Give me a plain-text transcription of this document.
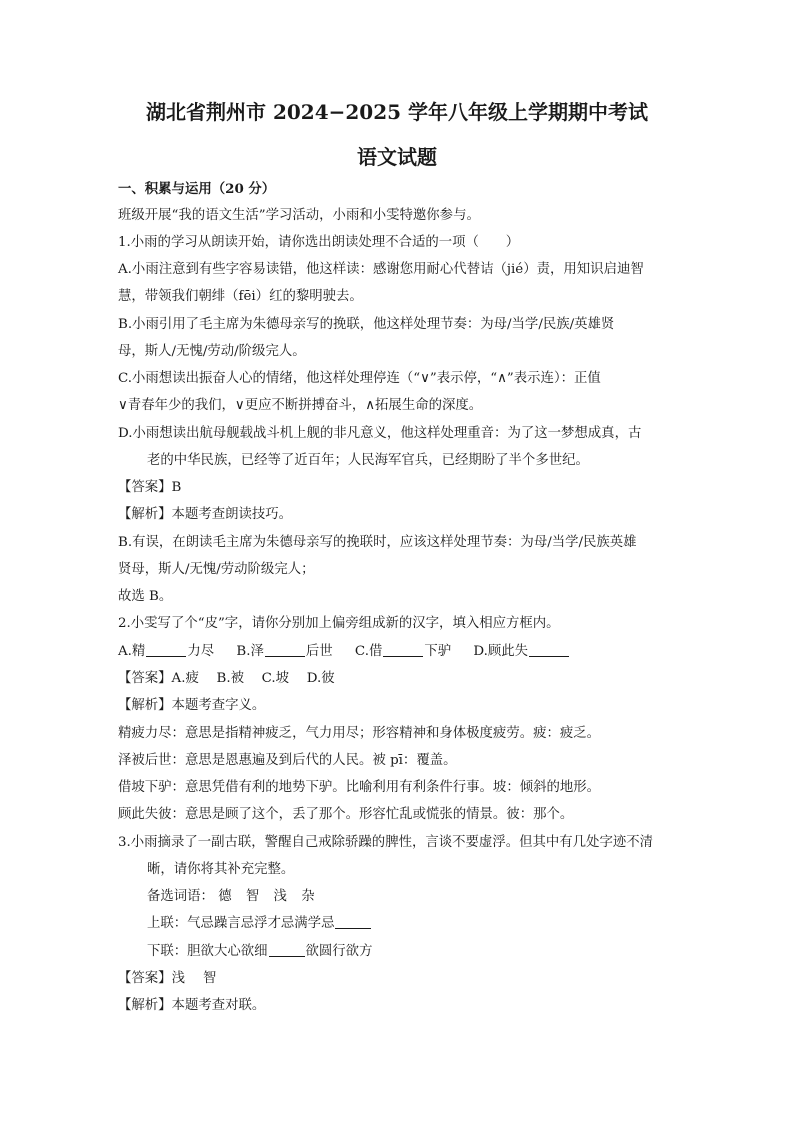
湖北省荆州市 2024−2025 学年八年级上学期期中考试
语文试题
一、积累与运用（20 分）
班级开展“我的语文生活”学习活动，小雨和小雯特邀你参与。
1.小雨的学习从朗读开始，请你选出朗读处理不合适的一项（　　）
A.小雨注意到有些字容易读错，他这样读：感谢您用耐心代替诘（jié）责，用知识启迪智
慧，带领我们朝绯（fēi）红的黎明驶去。
B.小雨引用了毛主席为朱德母亲写的挽联，他这样处理节奏：为母/当学/民族/英雄贤
母，斯人/无愧/劳动/阶级完人。
C.小雨想读出振奋人心的情绪，他这样处理停连（“∨”表示停，“∧”表示连）：正值
∨青春年少的我们，∨更应不断拼搏奋斗，∧拓展生命的深度。
D.小雨想读出航母舰载战斗机上舰的非凡意义，他这样处理重音：为了这一梦想成真，古
老的中华民族，已经等了近百年；人民海军官兵，已经期盼了半个多世纪。
【答案】B
【解析】本题考查朗读技巧。
B.有误，在朗读毛主席为朱德母亲写的挽联时，应该这样处理节奏：为母/当学/民族英雄
贤母，斯人/无愧/劳动阶级完人；
故选 B。
2.小雯写了个“皮”字，请你分别加上偏旁组成新的汉字，填入相应方框内。
A.精	力尽 B.泽	后世 C.借	下驴 D.顾此失
【答案】A.疲　 B.被　 C.坡　 D.彼
【解析】本题考查字义。
精疲力尽：意思是指精神疲乏，气力用尽；形容精神和身体极度疲劳。疲：疲乏。
泽被后世：意思是恩惠遍及到后代的人民。被 pī：覆盖。
借坡下驴：意思凭借有利的地势下驴。比喻利用有利条件行事。坡：倾斜的地形。
顾此失彼：意思是顾了这个，丢了那个。形容忙乱或慌张的情景。彼：那个。
3.小雨摘录了一副古联，警醒自己戒除骄躁的脾性，言谈不要虚浮。但其中有几处字迹不清
晰，请你将其补充完整。
备选词语： 德 智 浅 杂
上联：气忌躁言忌浮才忌满学忌
下联：胆欲大心欲细	欲圆行欲方
【答案】浅 智
【解析】本题考查对联。
